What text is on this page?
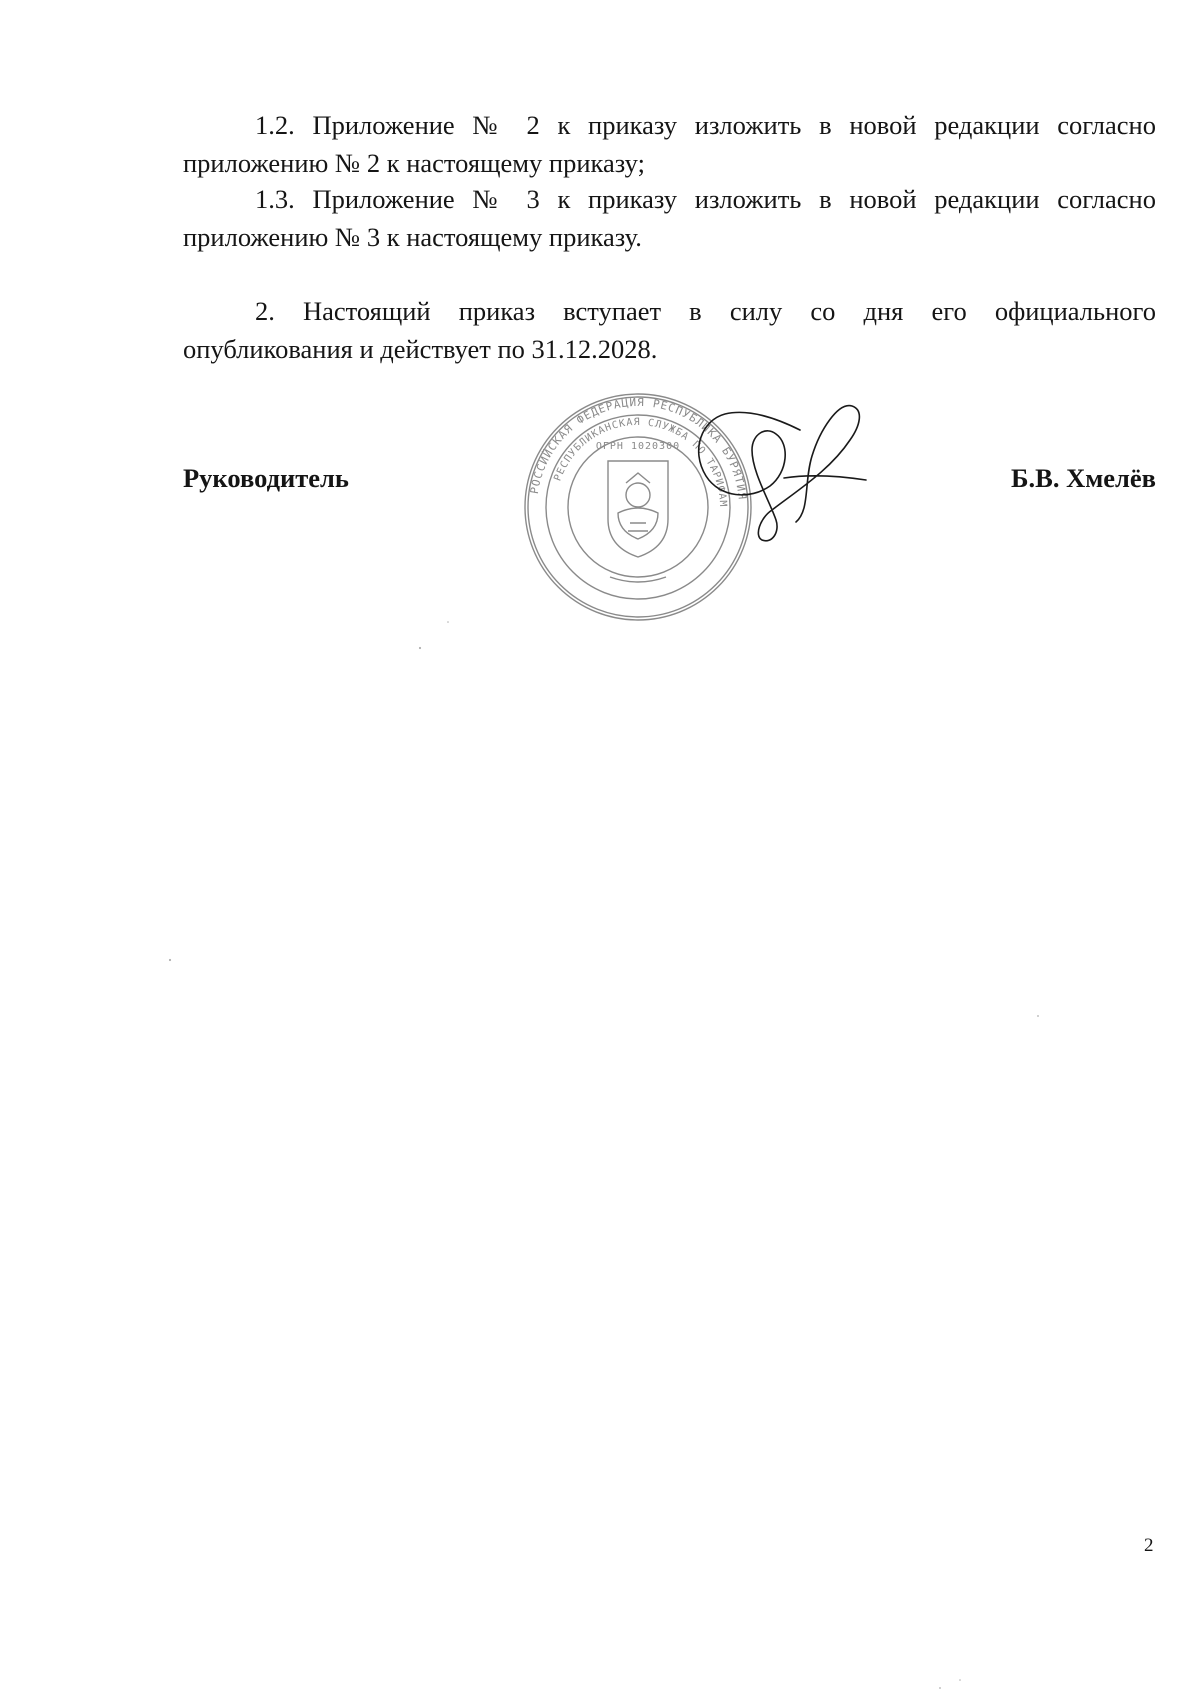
1.2. Приложение № 2 к приказу изложить в новой редакции согласно
приложению № 2 к настоящему приказу;
1.3. Приложение № 3 к приказу изложить в новой редакции согласно
приложению № 3 к настоящему приказу.
2. Настоящий приказ вступает в силу со дня его официального
опубликования и действует по 31.12.2028.
Руководитель	Б.В. Хмелёв
РОССИЙСКАЯ ФЕДЕРАЦИЯ РЕСПУБЛИКА БУРЯТИЯ
РЕСПУБЛИКАНСКАЯ СЛУЖБА ПО ТАРИФАМ
ОГРН 1020300
2
